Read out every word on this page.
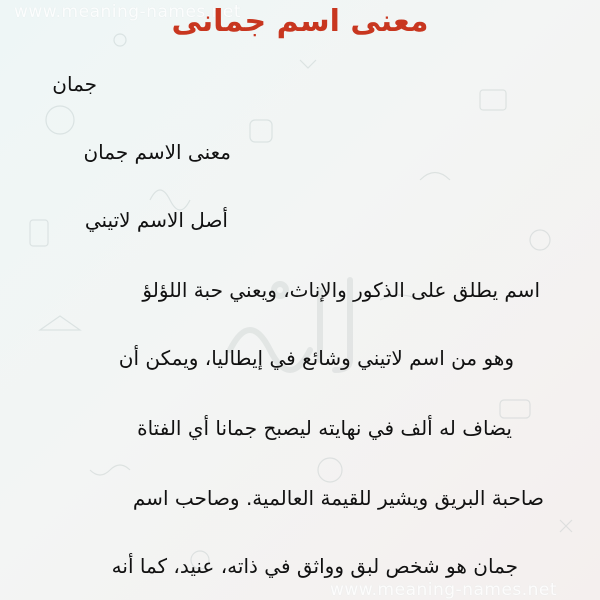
www.meaning-names.net
معنى اسم جمانى
جمان
معنى الاسم جمان
أصل الاسم لاتيني
اسم يطلق على الذكور والإناث، ويعني حبة اللؤلؤ
وهو من اسم لاتيني وشائع في إيطاليا، ويمكن أن
يضاف له ألف في نهايته ليصبح جمانا أي الفتاة
صاحبة البريق ويشير للقيمة العالمية. وصاحب اسم
جمان هو شخص لبق وواثق في ذاته، عنيد، كما أنه
www.meaning-names.net
